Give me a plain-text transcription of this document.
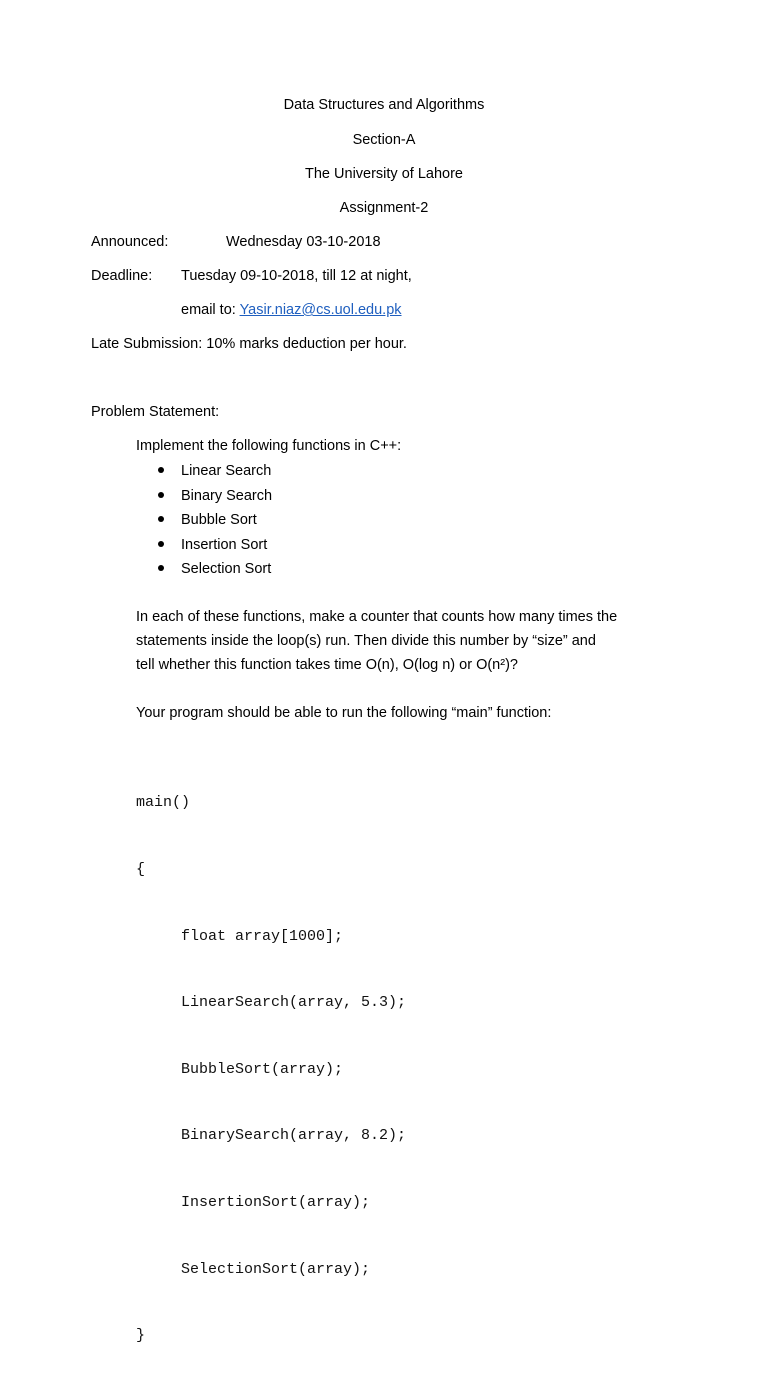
Data Structures and Algorithms
Section-A
The University of Lahore
Assignment-2
Announced:	Wednesday 03-10-2018
Deadline: Tuesday 09-10-2018, till 12 at night,
email to: Yasir.niaz@cs.uol.edu.pk
Late Submission: 10% marks deduction per hour.
Problem Statement:
Implement the following functions in C++:
Linear Search
Binary Search
Bubble Sort
Insertion Sort
Selection Sort
In each of these functions, make a counter that counts how many times the
statements inside the loop(s) run. Then divide this number by “size” and
tell whether this function takes time O(n), O(log n) or O(n²)?
Your program should be able to run the following “main” function:

main()

{

float array[1000];

LinearSearch(array, 5.3);

BubbleSort(array);

BinarySearch(array, 8.2);

InsertionSort(array);

SelectionSort(array);

}
